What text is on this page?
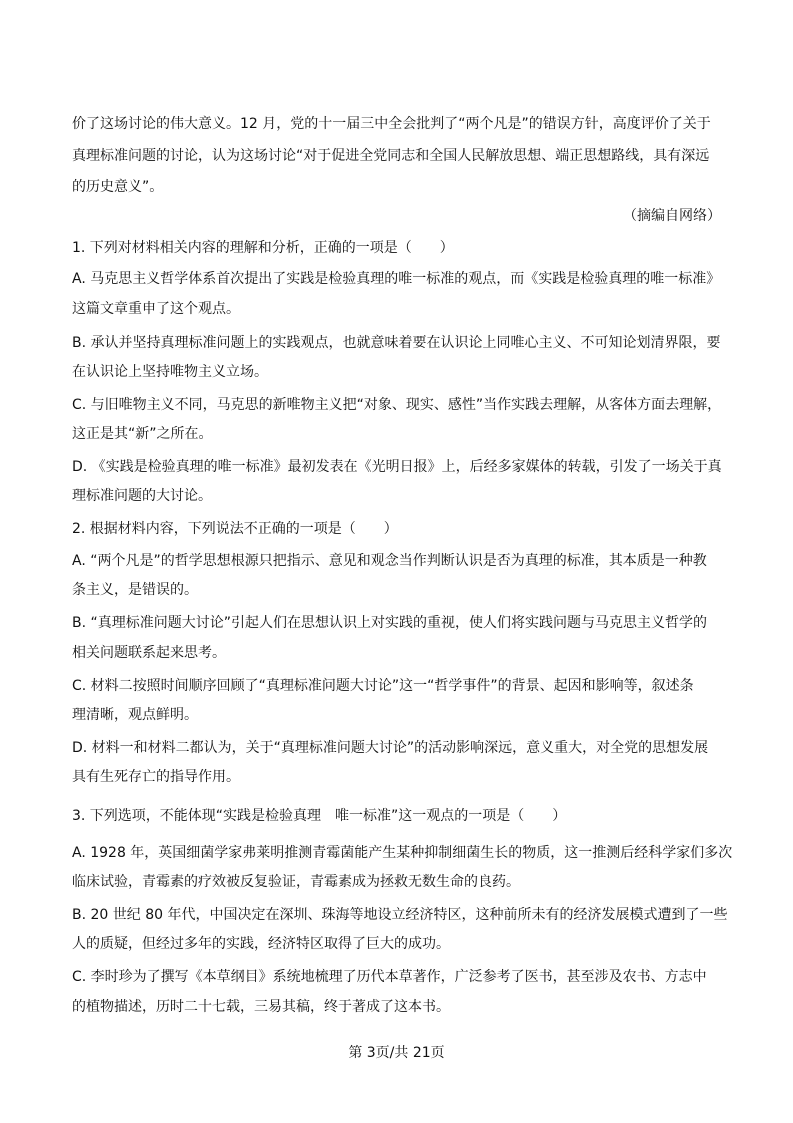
价了这场讨论的伟大意义。12 月，党的十一届三中全会批判了“两个凡是”的错误方针，高度评价了关于
真理标准问题的讨论，认为这场讨论“对于促进全党同志和全国人民解放思想、端正思想路线，具有深远
的历史意义”。
（摘编自网络）
1. 下列对材料相关内容的理解和分析，正确的一项是（　　）
A. 马克思主义哲学体系首次提出了实践是检验真理的唯一标准的观点，而《实践是检验真理的唯一标准》
这篇文章重申了这个观点。
B. 承认并坚持真理标准问题上的实践观点，也就意味着要在认识论上同唯心主义、不可知论划清界限，要
在认识论上坚持唯物主义立场。
C. 与旧唯物主义不同，马克思的新唯物主义把“对象、现实、感性”当作实践去理解，从客体方面去理解，
这正是其“新”之所在。
D. 《实践是检验真理的唯一标准》最初发表在《光明日报》上，后经多家媒体的转载，引发了一场关于真
理标准问题的大讨论。
2. 根据材料内容，下列说法不正确的一项是（　　）
A. “两个凡是”的哲学思想根源只把指示、意见和观念当作判断认识是否为真理的标准，其本质是一种教
条主义，是错误的。
B. “真理标准问题大讨论”引起人们在思想认识上对实践的重视，使人们将实践问题与马克思主义哲学的
相关问题联系起来思考。
C. 材料二按照时间顺序回顾了“真理标准问题大讨论”这一“哲学事件”的背景、起因和影响等，叙述条
理清晰，观点鲜明。
D. 材料一和材料二都认为，关于“真理标准问题大讨论”的活动影响深远，意义重大，对全党的思想发展
具有生死存亡的指导作用。
3. 下列选项，不能体现“实践是检验真理　唯一标准”这一观点的一项是（　　）
A. 1928 年，英国细菌学家弗莱明推测青霉菌能产生某种抑制细菌生长的物质，这一推测后经科学家们多次
临床试验，青霉素的疗效被反复验证，青霉素成为拯救无数生命的良药。
B. 20 世纪 80 年代，中国决定在深圳、珠海等地设立经济特区，这种前所未有的经济发展模式遭到了一些
人的质疑，但经过多年的实践，经济特区取得了巨大的成功。
C. 李时珍为了撰写《本草纲目》系统地梳理了历代本草著作，广泛参考了医书，甚至涉及农书、方志中
的植物描述，历时二十七载，三易其稿，终于著成了这本书。
第 3页/共 21页
